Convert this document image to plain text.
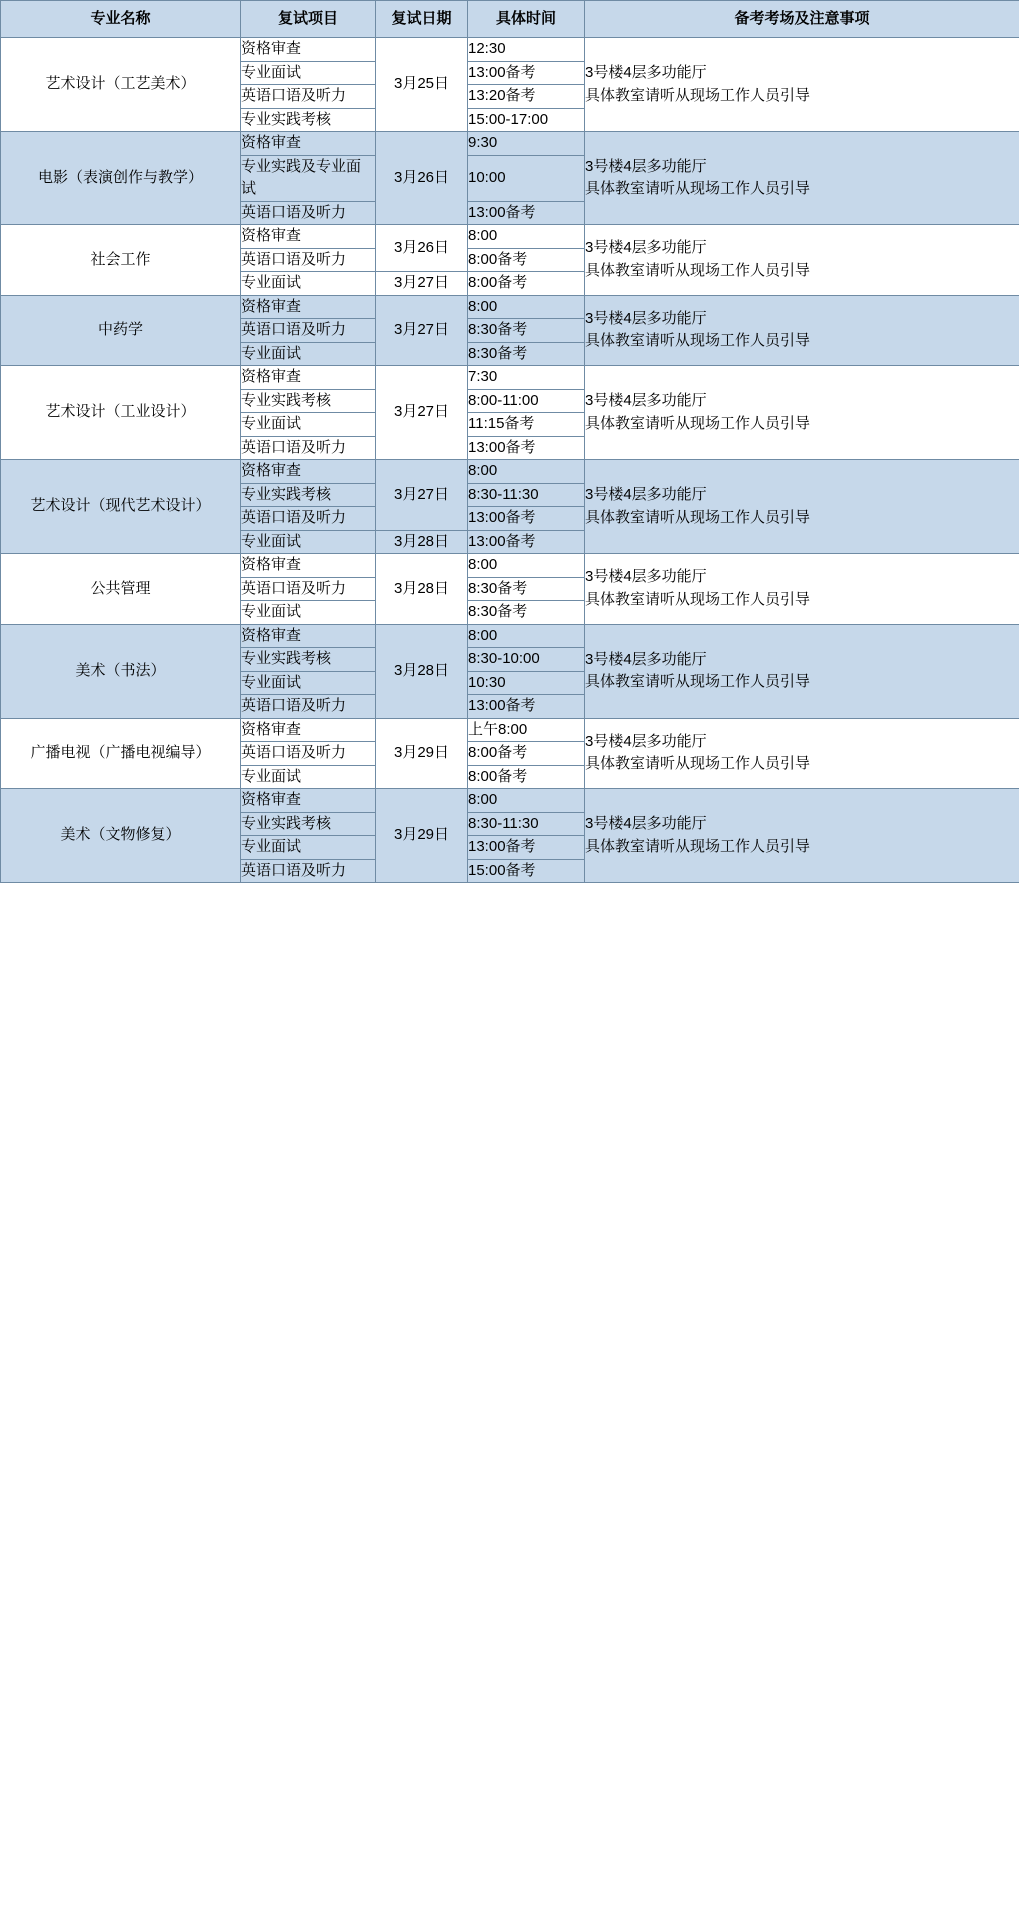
专业名称	复试项目	复试日期	具体时间	备考考场及注意事项
艺术设计（工艺美术）	资格审查	3月25日	12:30	3号楼4层多功能厅
具体教室请听从现场工作人员引导

	专业面试		13:00备考	
	英语口语及听力		13:20备考	
	专业实践考核		15:00-17:00	
电影（表演创作与教学）	资格审查	3月26日	9:30	3号楼4层多功能厅
具体教室请听从现场工作人员引导

	专业实践及专业面试		10:00	
	英语口语及听力		13:00备考	
社会工作	资格审查	3月26日	8:00	3号楼4层多功能厅
具体教室请听从现场工作人员引导

	英语口语及听力		8:00备考	
	专业面试	3月27日	8:00备考	
中药学	资格审查	3月27日	8:00	3号楼4层多功能厅
具体教室请听从现场工作人员引导

	英语口语及听力		8:30备考	
	专业面试		8:30备考	
艺术设计（工业设计）	资格审查	3月27日	7:30	3号楼4层多功能厅
具体教室请听从现场工作人员引导

	专业实践考核		8:00-11:00	
	专业面试		11:15备考	
	英语口语及听力		13:00备考	
艺术设计（现代艺术设计）	资格审查	3月27日	8:00	3号楼4层多功能厅
具体教室请听从现场工作人员引导

	专业实践考核		8:30-11:30	
	英语口语及听力		13:00备考	
	专业面试	3月28日	13:00备考	
公共管理	资格审查	3月28日	8:00	3号楼4层多功能厅
具体教室请听从现场工作人员引导

	英语口语及听力		8:30备考	
	专业面试		8:30备考	
美术（书法）	资格审查	3月28日	8:00	3号楼4层多功能厅
具体教室请听从现场工作人员引导

	专业实践考核		8:30-10:00	
	专业面试		10:30	
	英语口语及听力		13:00备考	
广播电视（广播电视编导）	资格审查	3月29日	上午8:00	3号楼4层多功能厅
具体教室请听从现场工作人员引导

	英语口语及听力		8:00备考	
	专业面试		8:00备考	
美术（文物修复）	资格审查	3月29日	8:00	3号楼4层多功能厅
具体教室请听从现场工作人员引导

	专业实践考核		8:30-11:30	
	专业面试		13:00备考	
	英语口语及听力		15:00备考	
